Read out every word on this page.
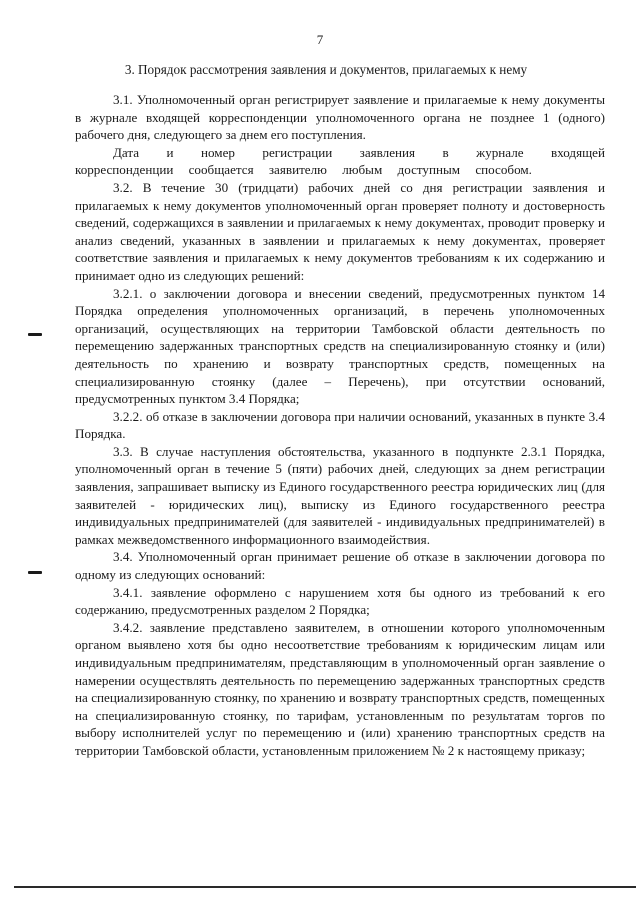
7
3. Порядок рассмотрения заявления и документов, прилагаемых к нему

3.1. Уполномоченный орган регистрирует заявление и прилагаемые к нему документы в журнале входящей корреспонденции уполномоченного органа не позднее 1 (одного) рабочего дня, следующего за днем его поступления.

Дата и номер регистрации заявления в журнале входящей корреспонденции сообщается заявителю любым доступным способом.

3.2. В течение 30 (тридцати) рабочих дней со дня регистрации заявления и прилагаемых к нему документов уполномоченный орган проверяет полноту и достоверность сведений, содержащихся в заявлении и прилагаемых к нему документах, проводит проверку и анализ сведений, указанных в заявлении и прилагаемых к нему документах, проверяет соответствие заявления и прилагаемых к нему документов требованиям к их содержанию и принимает одно из следующих решений:

3.2.1. о заключении договора и внесении сведений, предусмотренных пунктом 14 Порядка определения уполномоченных организаций, в перечень уполномоченных организаций, осуществляющих на территории Тамбовской области деятельность по перемещению задержанных транспортных средств на специализированную стоянку и (или) деятельность по хранению и возврату транспортных средств, помещенных на специализированную стоянку (далее – Перечень), при отсутствии оснований, предусмотренных пунктом 3.4 Порядка;

3.2.2. об отказе в заключении договора при наличии оснований, указанных в пункте 3.4 Порядка.

3.3. В случае наступления обстоятельства, указанного в подпункте 2.3.1 Порядка, уполномоченный орган в течение 5 (пяти) рабочих дней, следующих за днем регистрации заявления, запрашивает выписку из Единого государственного реестра юридических лиц (для заявителей - юридических лиц), выписку из Единого государственного реестра индивидуальных предпринимателей (для заявителей - индивидуальных предпринимателей) в рамках межведомственного информационного взаимодействия.

3.4. Уполномоченный орган принимает решение об отказе в заключении договора по одному из следующих оснований:

3.4.1. заявление оформлено с нарушением хотя бы одного из требований к его содержанию, предусмотренных разделом 2 Порядка;

3.4.2. заявление представлено заявителем, в отношении которого уполномоченным органом выявлено хотя бы одно несоответствие требованиям к юридическим лицам или индивидуальным предпринимателям, представляющим в уполномоченный орган заявление о намерении осуществлять деятельность по перемещению задержанных транспортных средств на специализированную стоянку, по хранению и возврату транспортных средств, помещенных на специализированную стоянку, по тарифам, установленным по результатам торгов по выбору исполнителей услуг по перемещению и (или) хранению транспортных средств на территории Тамбовской области, установленным приложением № 2 к настоящему приказу;
